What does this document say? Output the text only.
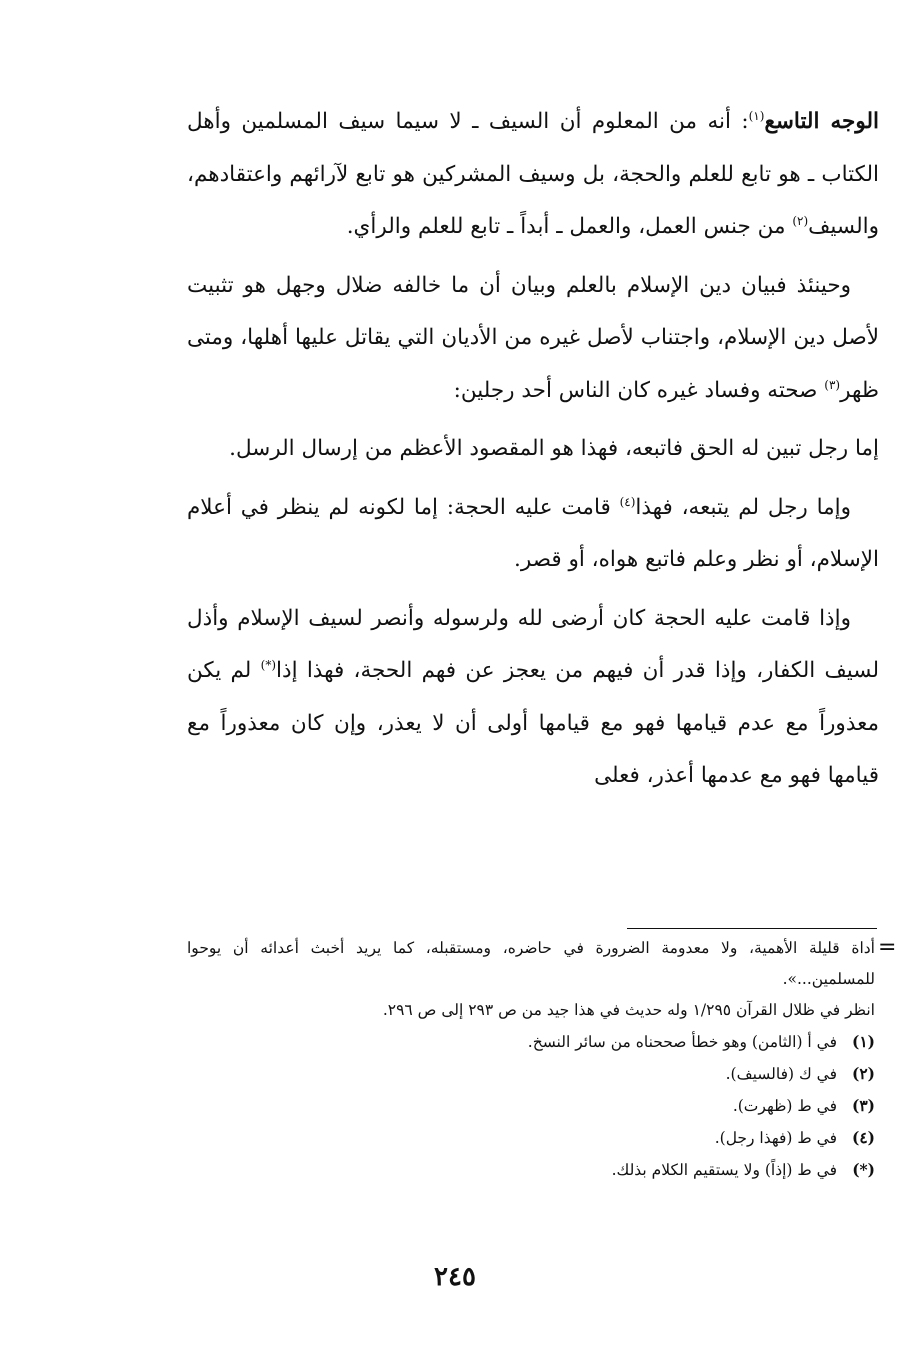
الوجه التاسع$^{(١)}$: أنه من المعلوم أن السيف ـ لا سيما سيف المسلمين وأهل الكتاب ـ هو تابع للعلم والحجة، بل وسيف المشركين هو تابع لآرائهم واعتقادهم، والسيف$^{(٢)}$ من جنس العمل، والعمل ـ أبداً ـ تابع للعلم والرأي.

وحينئذ فبيان دين الإسلام بالعلم وبيان أن ما خالفه ضلال وجهل هو تثبيت لأصل دين الإسلام، واجتناب لأصل غيره من الأديان التي يقاتل عليها أهلها، ومتى ظهر$^{(٣)}$ صحته وفساد غيره كان الناس أحد رجلين:

إما رجل تبين له الحق فاتبعه، فهذا هو المقصود الأعظم من إرسال الرسل.

وإما رجل لم يتبعه، فهذا$^{(٤)}$ قامت عليه الحجة: إما لكونه لم ينظر في أعلام الإسلام، أو نظر وعلم فاتبع هواه، أو قصر.

وإذا قامت عليه الحجة كان أرضى لله ولرسوله وأنصر لسيف الإسلام وأذل لسيف الكفار، وإذا قدر أن فيهم من يعجز عن فهم الحجة، فهذا إذا(*) لم يكن معذوراً مع عدم قيامها فهو مع قيامها أولى أن لا يعذر، وإن كان معذوراً مع قيامها فهو مع عدمها أعذر، فعلى

=

أداة قليلة الأهمية، ولا معدومة الضرورة في حاضره، ومستقبله، كما يريد أخبث أعدائه أن يوحوا للمسلمين...».

انظر في ظلال القرآن ١/٢٩٥ وله حديث في هذا جيد من ص ٢٩٣ إلى ص ٢٩٦.

(١)في أ (الثامن) وهو خطأ صححناه من سائر النسخ.
(٢)في ك (فالسيف).
(٣)في ط (ظهرت).
(٤)في ط (فهذا رجل).
(*)في ط (إذاً) ولا يستقيم الكلام بذلك.
٢٤٥
